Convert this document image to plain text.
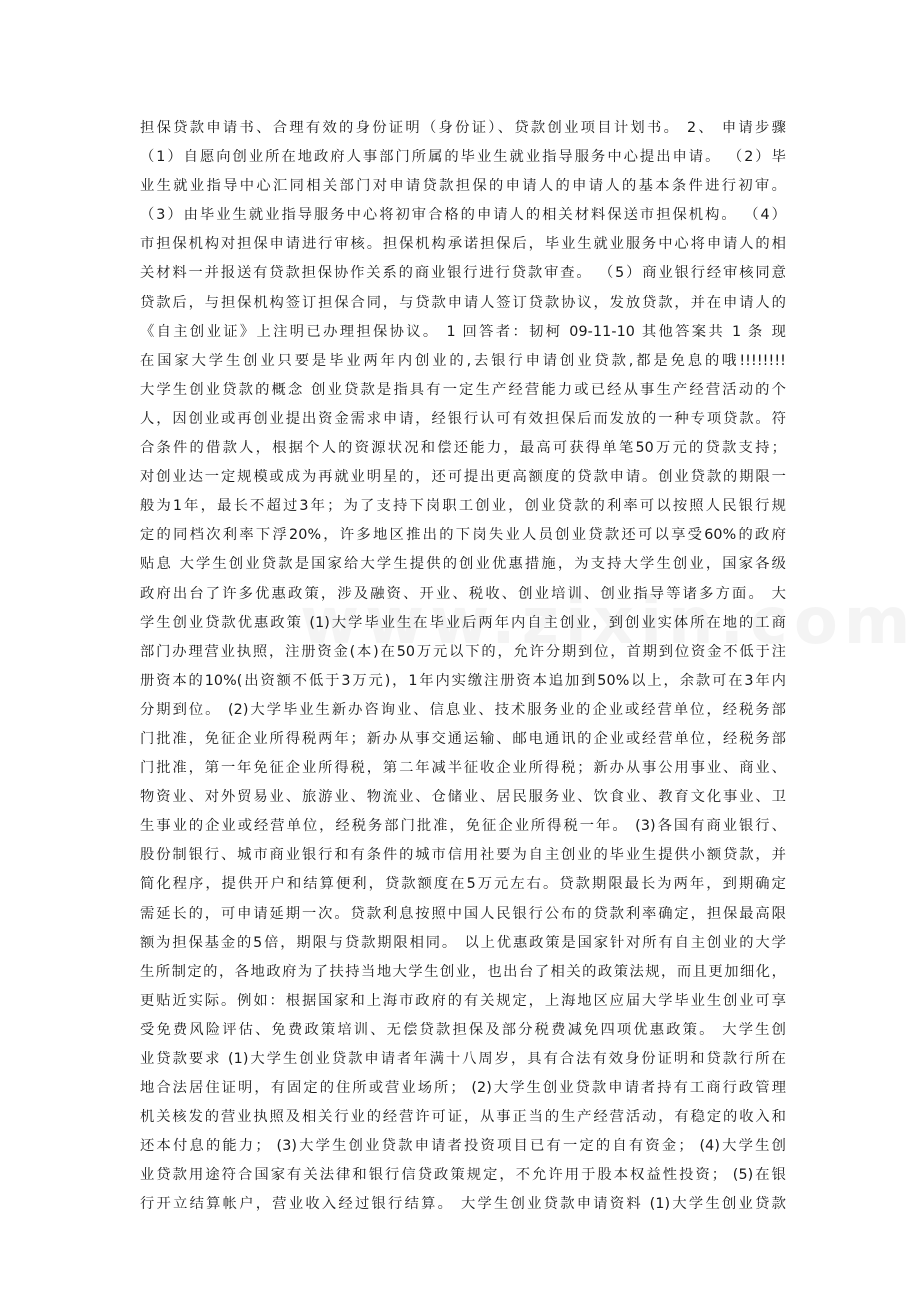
担保贷款申请书、合理有效的身份证明（身份证）、贷款创业项目计划书。 2、 申请步骤
（1）自愿向创业所在地政府人事部门所属的毕业生就业指导服务中心提出申请。 （2）毕
业生就业指导中心汇同相关部门对申请贷款担保的申请人的申请人的基本条件进行初审。
（3）由毕业生就业指导服务中心将初审合格的申请人的相关材料保送市担保机构。 （4）
市担保机构对担保申请进行审核。担保机构承诺担保后，毕业生就业服务中心将申请人的相
关材料一并报送有贷款担保协作关系的商业银行进行贷款审查。 （5）商业银行经审核同意
贷款后，与担保机构签订担保合同，与贷款申请人签订贷款协议，发放贷款，并在申请人的
《自主创业证》上注明已办理担保协议。 1 回答者：韧柯 09-11-10 其他答案共 1 条 现
在国家大学生创业只要是毕业两年内创业的,去银行申请创业贷款,都是免息的哦!!!!!!!!
大学生创业贷款的概念 创业贷款是指具有一定生产经营能力或已经从事生产经营活动的个
人，因创业或再创业提出资金需求申请，经银行认可有效担保后而发放的一种专项贷款。符
合条件的借款人，根据个人的资源状况和偿还能力，最高可获得单笔50万元的贷款支持；
对创业达一定规模或成为再就业明星的，还可提出更高额度的贷款申请。创业贷款的期限一
般为1年，最长不超过3年；为了支持下岗职工创业，创业贷款的利率可以按照人民银行规
定的同档次利率下浮20%，许多地区推出的下岗失业人员创业贷款还可以享受60%的政府
贴息 大学生创业贷款是国家给大学生提供的创业优惠措施，为支持大学生创业，国家各级
政府出台了许多优惠政策，涉及融资、开业、税收、创业培训、创业指导等诸多方面。 大
学生创业贷款优惠政策 (1)大学毕业生在毕业后两年内自主创业，到创业实体所在地的工商
部门办理营业执照，注册资金(本)在50万元以下的，允许分期到位，首期到位资金不低于注
册资本的10%(出资额不低于3万元)，1年内实缴注册资本追加到50%以上，余款可在3年内
分期到位。 (2)大学毕业生新办咨询业、信息业、技术服务业的企业或经营单位，经税务部
门批准，免征企业所得税两年；新办从事交通运输、邮电通讯的企业或经营单位，经税务部
门批准，第一年免征企业所得税，第二年减半征收企业所得税；新办从事公用事业、商业、
物资业、对外贸易业、旅游业、物流业、仓储业、居民服务业、饮食业、教育文化事业、卫
生事业的企业或经营单位，经税务部门批准，免征企业所得税一年。 (3)各国有商业银行、
股份制银行、城市商业银行和有条件的城市信用社要为自主创业的毕业生提供小额贷款，并
简化程序，提供开户和结算便利，贷款额度在5万元左右。贷款期限最长为两年，到期确定
需延长的，可申请延期一次。贷款利息按照中国人民银行公布的贷款利率确定，担保最高限
额为担保基金的5倍，期限与贷款期限相同。 以上优惠政策是国家针对所有自主创业的大学
生所制定的，各地政府为了扶持当地大学生创业，也出台了相关的政策法规，而且更加细化，
更贴近实际。例如：根据国家和上海市政府的有关规定，上海地区应届大学毕业生创业可享
受免费风险评估、免费政策培训、无偿贷款担保及部分税费减免四项优惠政策。 大学生创
业贷款要求 (1)大学生创业贷款申请者年满十八周岁，具有合法有效身份证明和贷款行所在
地合法居住证明，有固定的住所或营业场所； (2)大学生创业贷款申请者持有工商行政管理
机关核发的营业执照及相关行业的经营许可证，从事正当的生产经营活动，有稳定的收入和
还本付息的能力； (3)大学生创业贷款申请者投资项目已有一定的自有资金； (4)大学生创
业贷款用途符合国家有关法律和银行信贷政策规定，不允许用于股本权益性投资； (5)在银
行开立结算帐户，营业收入经过银行结算。 大学生创业贷款申请资料 (1)大学生创业贷款
